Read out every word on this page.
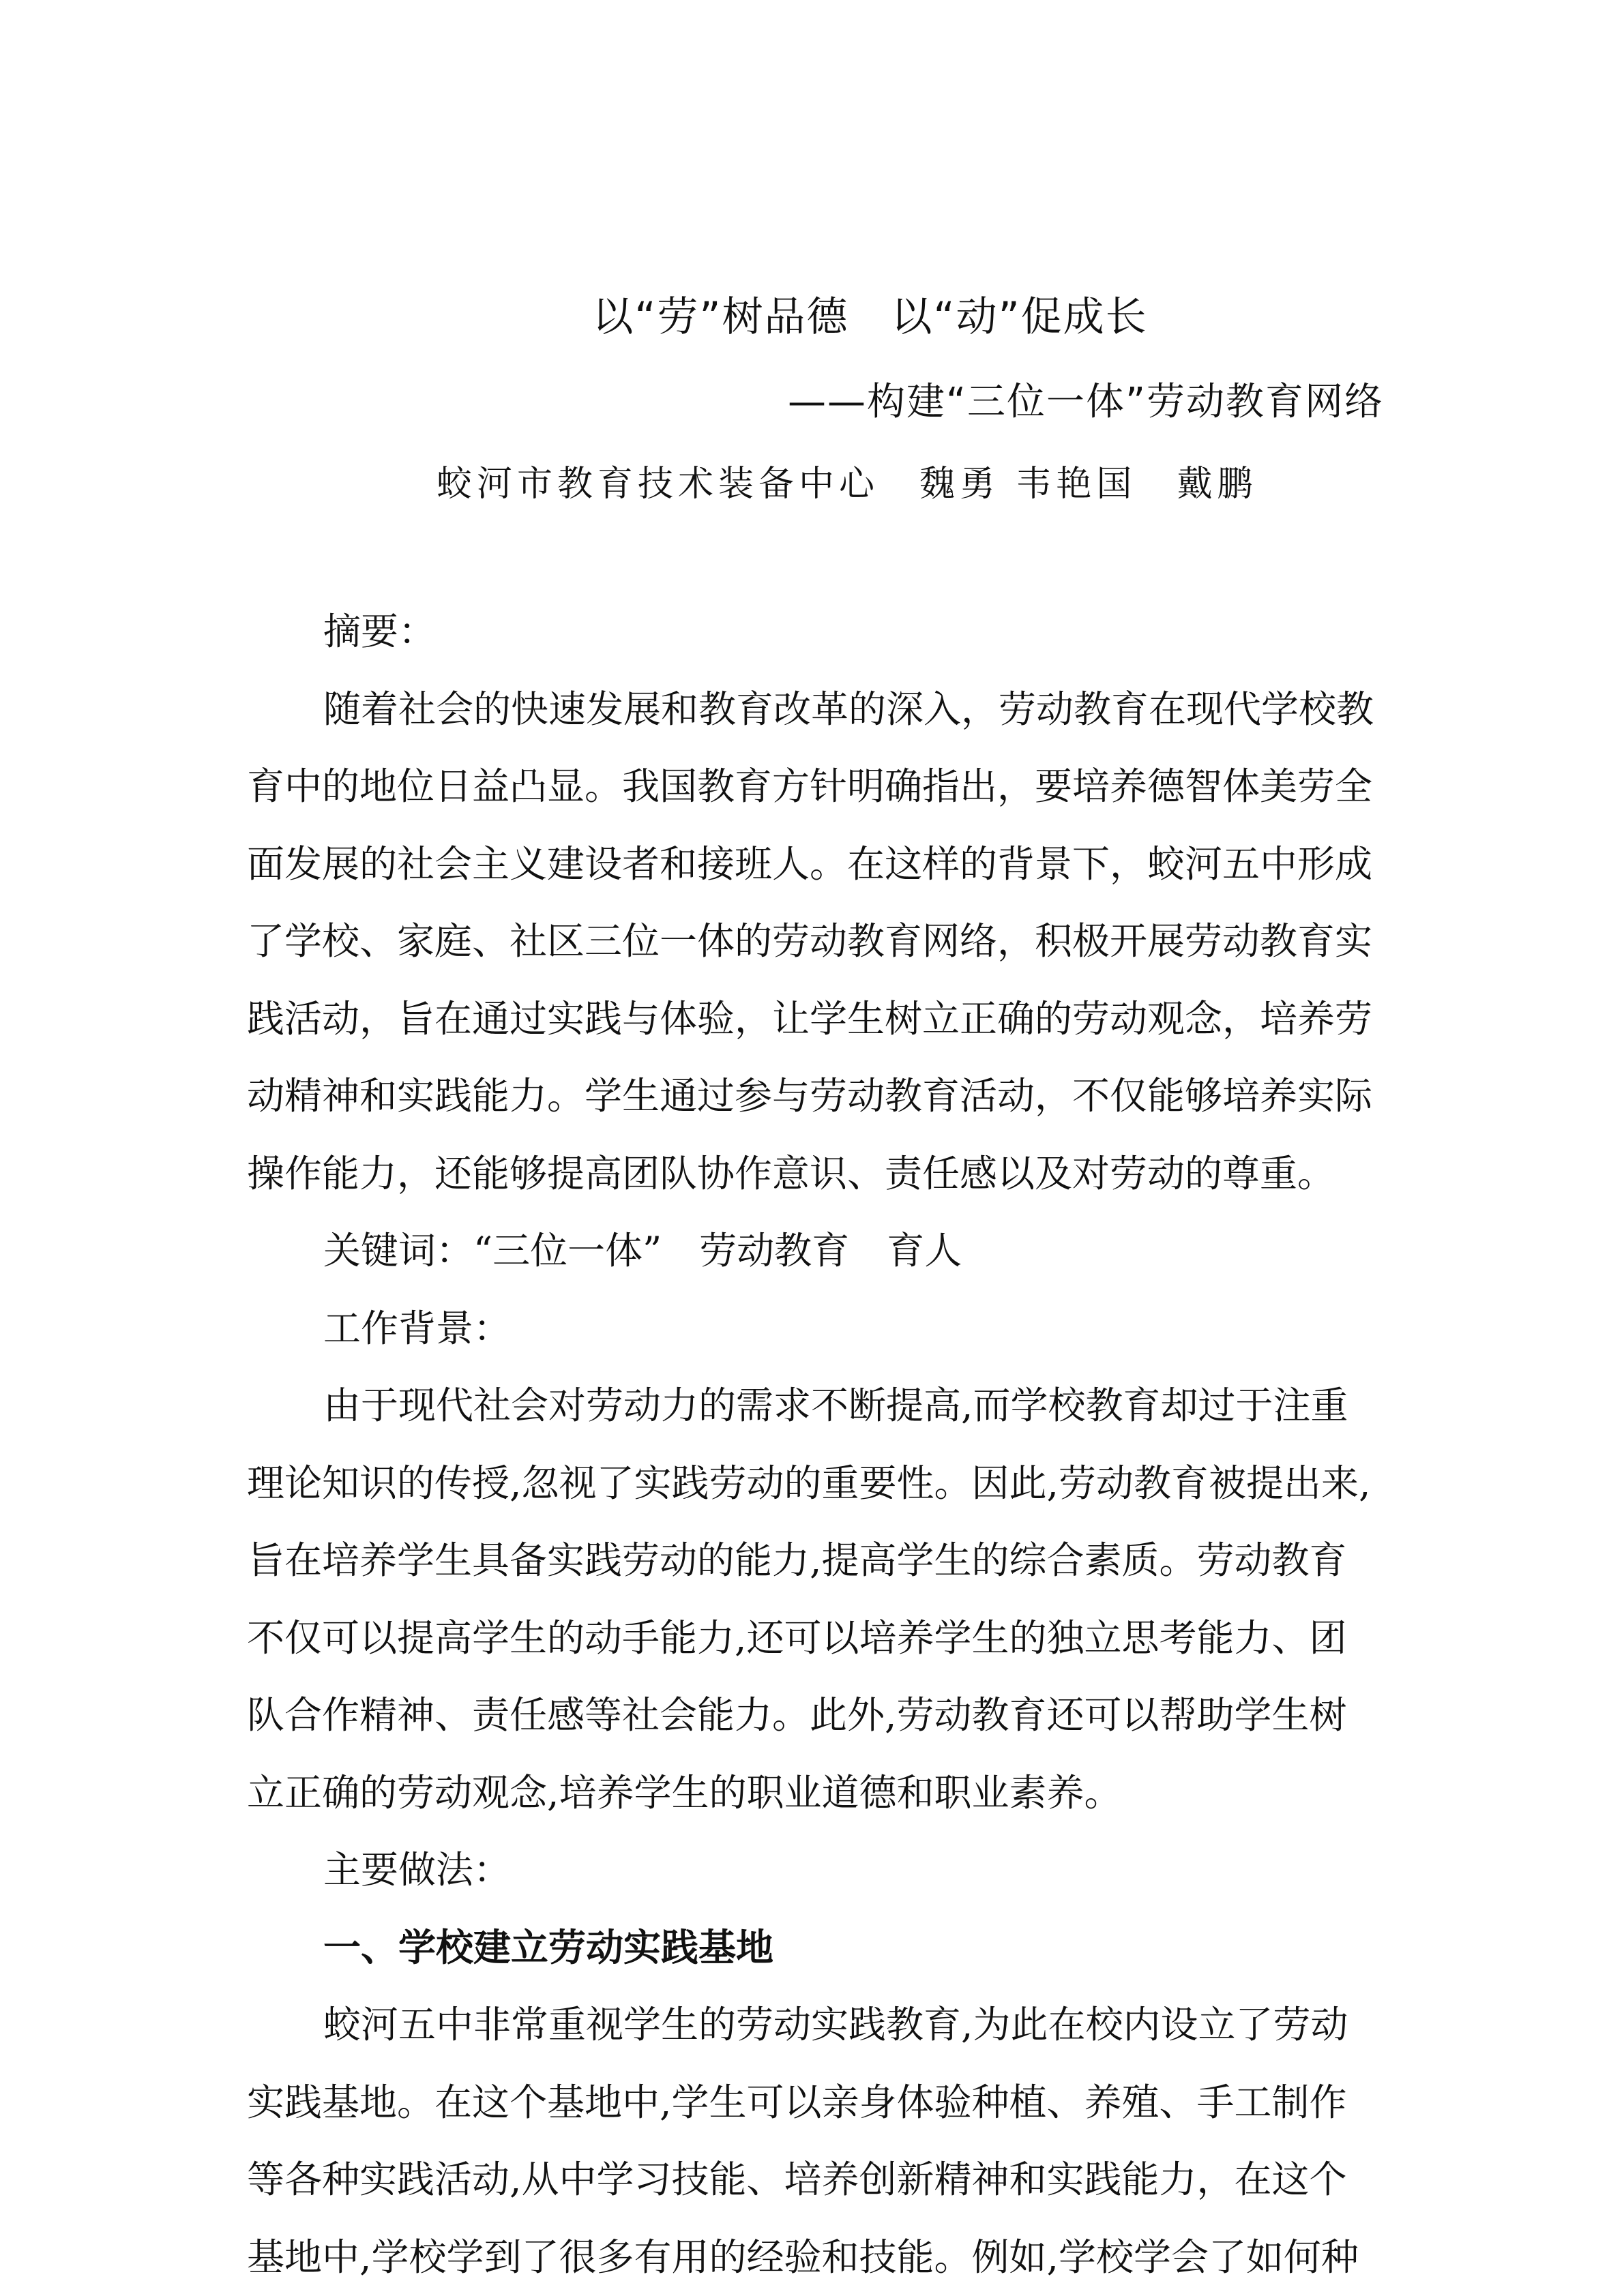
以“劳”树品德　以“动”促成长
——构建“三位一体”劳动教育网络
蛟河市教育技术装备中心　魏勇 韦艳国　戴鹏

摘要：

随着社会的快速发展和教育改革的深入，劳动教育在现代学校教育中的地位日益凸显。我国教育方针明确指出，要培养德智体美劳全面发展的社会主义建设者和接班人。在这样的背景下，蛟河五中形成了学校、家庭、社区三位一体的劳动教育网络，积极开展劳动教育实践活动，旨在通过实践与体验，让学生树立正确的劳动观念，培养劳动精神和实践能力。学生通过参与劳动教育活动，不仅能够培养实际操作能力，还能够提高团队协作意识、责任感以及对劳动的尊重。

关键词：“三位一体”　劳动教育　育人

工作背景：

由于现代社会对劳动力的需求不断提高,而学校教育却过于注重理论知识的传授,忽视了实践劳动的重要性。因此,劳动教育被提出来,旨在培养学生具备实践劳动的能力,提高学生的综合素质。劳动教育不仅可以提高学生的动手能力,还可以培养学生的独立思考能力、团队合作精神、责任感等社会能力。此外,劳动教育还可以帮助学生树立正确的劳动观念,培养学生的职业道德和职业素养。

主要做法：

一、学校建立劳动实践基地

蛟河五中非常重视学生的劳动实践教育,为此在校内设立了劳动实践基地。在这个基地中,学生可以亲身体验种植、养殖、手工制作等各种实践活动,从中学习技能、培养创新精神和实践能力，在这个基地中,学校学到了很多有用的经验和技能。例如,学校学会了如何种
